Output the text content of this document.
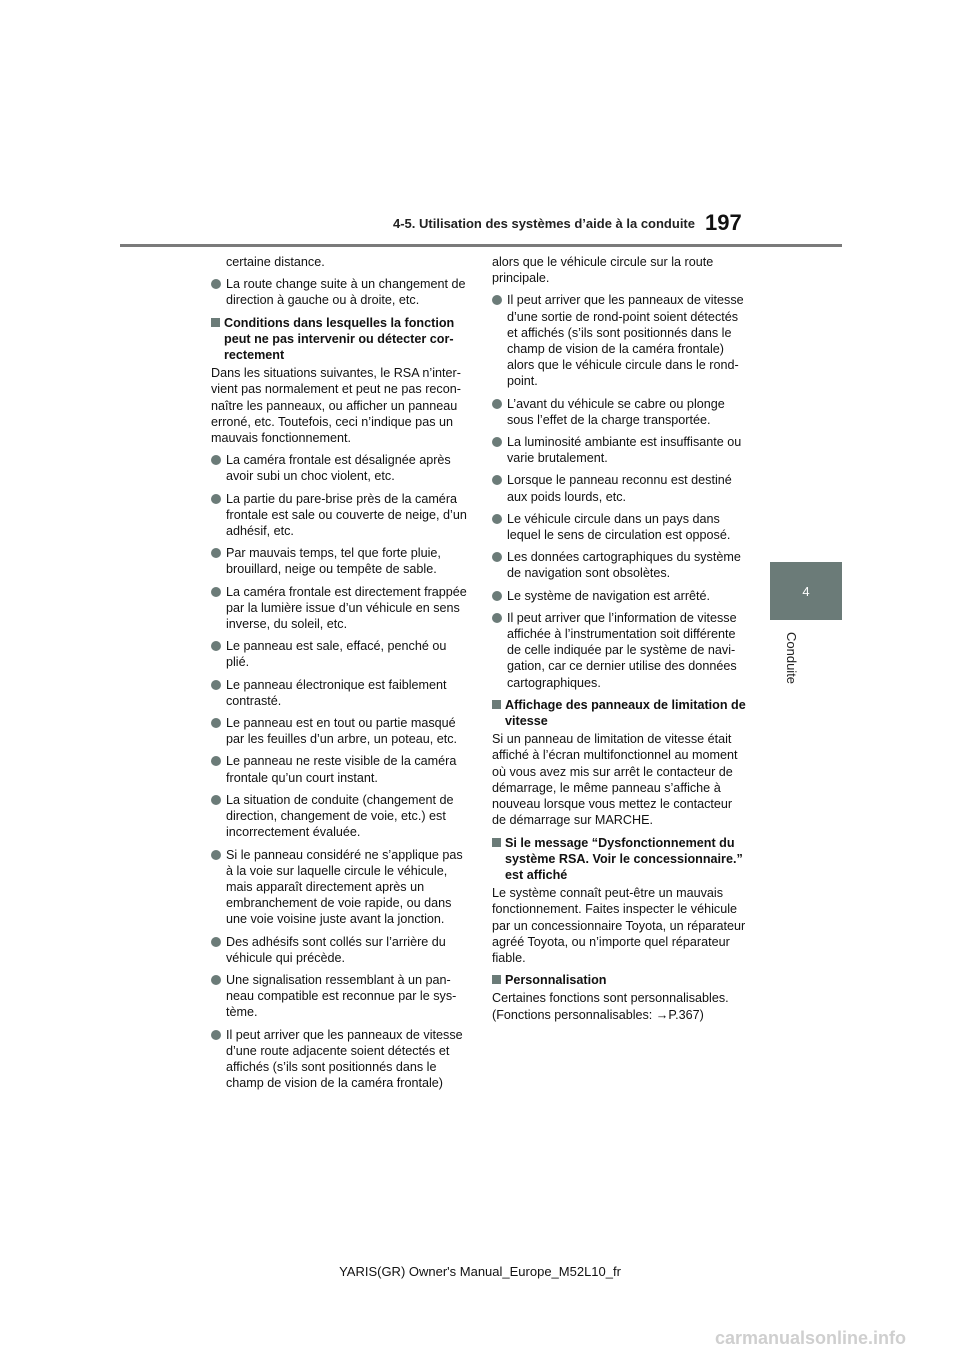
4-5. Utilisation des systèmes d’aide à la conduite 197
4
Conduite

certaine distance.

La route change suite à un changement de direction à gauche ou à droite, etc.
Conditions dans lesquelles la fonction peut ne pas intervenir ou détecter cor- rectement

Dans les situations suivantes, le RSA n’inter- vient pas normalement et peut ne pas recon- naître les panneaux, ou afficher un panneau erroné, etc. Toutefois, ceci n’indique pas un mauvais fonctionnement.

La caméra frontale est désalignée après avoir subi un choc violent, etc.
La partie du pare-brise près de la caméra frontale est sale ou couverte de neige, d’un adhésif, etc.
Par mauvais temps, tel que forte pluie, brouillard, neige ou tempête de sable.
La caméra frontale est directement frappée par la lumière issue d’un véhicule en sens inverse, du soleil, etc.
Le panneau est sale, effacé, penché ou plié.
Le panneau électronique est faiblement contrasté.
Le panneau est en tout ou partie masqué par les feuilles d’un arbre, un poteau, etc.
Le panneau ne reste visible de la caméra frontale qu’un court instant.
La situation de conduite (changement de direction, changement de voie, etc.) est incorrectement évaluée.
Si le panneau considéré ne s’applique pas à la voie sur laquelle circule le véhicule, mais apparaît directement après un embranchement de voie rapide, ou dans une voie voisine juste avant la jonction.
Des adhésifs sont collés sur l’arrière du véhicule qui précède.
Une signalisation ressemblant à un pan- neau compatible est reconnue par le sys- tème.
Il peut arriver que les panneaux de vitesse d’une route adjacente soient détectés et affichés (s’ils sont positionnés dans le champ de vision de la caméra frontale)

alors que le véhicule circule sur la route principale.

Il peut arriver que les panneaux de vitesse d’une sortie de rond-point soient détectés et affichés (s’ils sont positionnés dans le champ de vision de la caméra frontale) alors que le véhicule circule dans le rond- point.
L’avant du véhicule se cabre ou plonge sous l’effet de la charge transportée.
La luminosité ambiante est insuffisante ou varie brutalement.
Lorsque le panneau reconnu est destiné aux poids lourds, etc.
Le véhicule circule dans un pays dans lequel le sens de circulation est opposé.
Les données cartographiques du système de navigation sont obsolètes.
Le système de navigation est arrêté.
Il peut arriver que l’information de vitesse affichée à l’instrumentation soit différente de celle indiquée par le système de navi- gation, car ce dernier utilise des données cartographiques.
Affichage des panneaux de limitation de vitesse

Si un panneau de limitation de vitesse était affiché à l’écran multifonctionnel au moment où vous avez mis sur arrêt le contacteur de démarrage, le même panneau s’affiche à nouveau lorsque vous mettez le contacteur de démarrage sur MARCHE.

Si le message “Dysfonctionnement du système RSA. Voir le concessionnaire.” est affiché

Le système connaît peut-être un mauvais fonctionnement. Faites inspecter le véhicule par un concessionnaire Toyota, un réparateur agréé Toyota, ou n’importe quel réparateur fiable.

Personnalisation

Certaines fonctions sont personnalisables. (Fonctions personnalisables: →P.367)

YARIS(GR) Owner's Manual_Europe_M52L10_fr
carmanualsonline.info
